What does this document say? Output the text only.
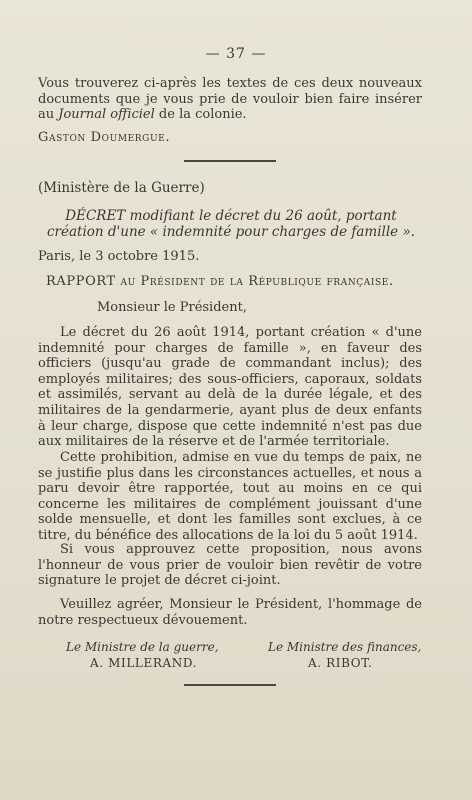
— 37 —
Vous trouverez ci-après les textes de ces deux nouveaux documents que je vous prie de vouloir bien faire insérer au Journal officiel de la colonie.
Gaston Doumergue.
(Ministère de la Guerre)
DÉCRET modifiant le décret du 26 août, portant création d'une « indemnité pour charges de famille ».
Paris, le 3 octobre 1915.
RAPPORT au Président de la République française.
Monsieur le Président,
Le décret du 26 août 1914, portant création « d'une indemnité pour charges de famille », en faveur des officiers (jusqu'au grade de commandant inclus); des employés militaires; des sous-officiers, caporaux, soldats et assimilés, servant au delà de la durée légale, et des militaires de la gendarmerie, ayant plus de deux enfants à leur charge, dispose que cette indemnité n'est pas due aux militaires de la réserve et de l'armée territoriale.
Cette prohibition, admise en vue du temps de paix, ne se justifie plus dans les circonstances actuelles, et nous a paru devoir être rapportée, tout au moins en ce qui concerne les militaires de complément jouissant d'une solde mensuelle, et dont les familles sont exclues, à ce titre, du bénéfice des allocations de la loi du 5 août 1914.
Si vous approuvez cette proposition, nous avons l'honneur de vous prier de vouloir bien revêtir de votre signature le projet de décret ci-joint.
Veuillez agréer, Monsieur le Président, l'hommage de notre respectueux dévouement.
Le Ministre de la guerre,
A. MILLERAND.
Le Ministre des finances,
A. RIBOT.
